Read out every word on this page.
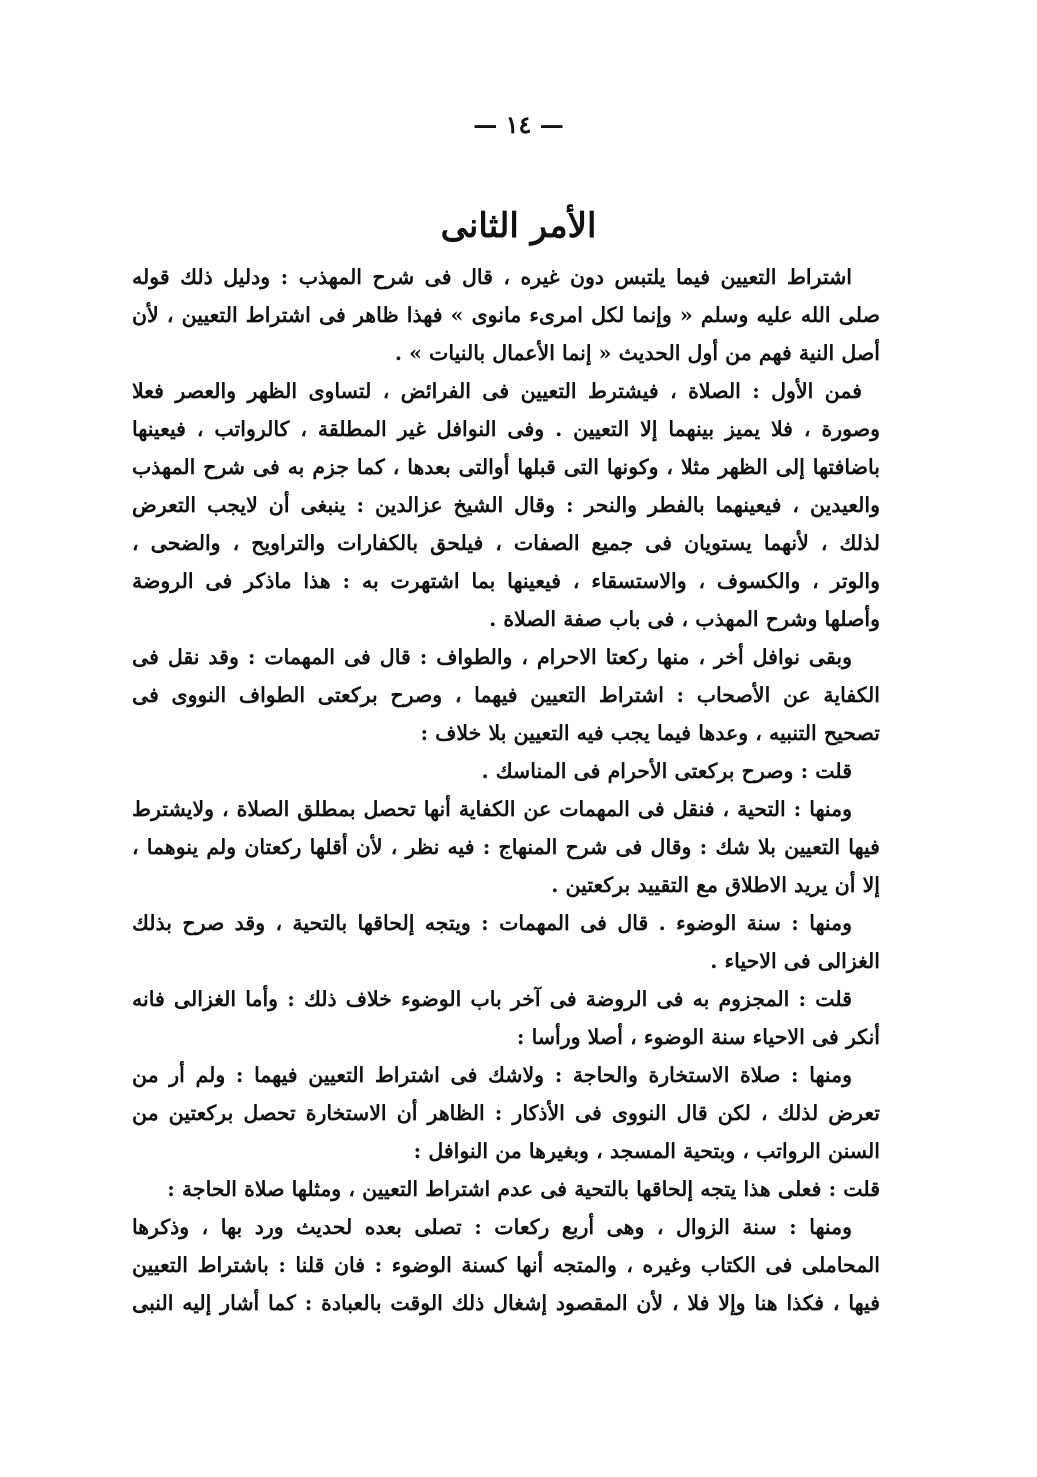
— ١٤ —
الأمر الثانى
اشتراط التعيين فيما يلتبس دون غيره ، قال فى شرح المهذب : ودليل ذلك قوله
صلى الله عليه وسلم « وإنما لكل امرىء مانوى » فهذا ظاهر فى اشتراط التعيين ، لأن
أصل النية فهم من أول الحديث « إنما الأعمال بالنيات » .
فمن الأول : الصلاة ، فيشترط التعيين فى الفرائض ، لتساوى الظهر والعصر فعلا
وصورة ، فلا يميز بينهما إلا التعيين . وفى النوافل غير المطلقة ، كالرواتب ، فيعينها
باضافتها إلى الظهر مثلا ، وكونها التى قبلها أوالتى بعدها ، كما جزم به فى شرح المهذب
والعيدين ، فيعينهما بالفطر والنحر : وقال الشيخ عزالدين : ينبغى أن لايجب التعرض
لذلك ، لأنهما يستويان فى جميع الصفات ، فيلحق بالكفارات والتراويح ، والضحى ،
والوتر ، والكسوف ، والاستسقاء ، فيعينها بما اشتهرت به : هذا ماذكر فى الروضة
وأصلها وشرح المهذب ، فى باب صفة الصلاة .
وبقى نوافل أخر ، منها ركعتا الاحرام ، والطواف : قال فى المهمات : وقد نقل فى
الكفاية عن الأصحاب : اشتراط التعيين فيهما ، وصرح بركعتى الطواف النووى فى
تصحيح التنبيه ، وعدها فيما يجب فيه التعيين بلا خلاف :
قلت : وصرح بركعتى الأحرام فى المناسك .
ومنها : التحية ، فنقل فى المهمات عن الكفاية أنها تحصل بمطلق الصلاة ، ولايشترط
فيها التعيين بلا شك : وقال فى شرح المنهاج : فيه نظر ، لأن أقلها ركعتان ولم ينوهما ،
إلا أن يريد الاطلاق مع التقييد بركعتين .
ومنها : سنة الوضوء . قال فى المهمات : ويتجه إلحاقها بالتحية ، وقد صرح بذلك
الغزالى فى الاحياء .
قلت : المجزوم به فى الروضة فى آخر باب الوضوء خلاف ذلك : وأما الغزالى فانه
أنكر فى الاحياء سنة الوضوء ، أصلا ورأسا :
ومنها : صلاة الاستخارة والحاجة : ولاشك فى اشتراط التعيين فيهما : ولم أر من
تعرض لذلك ، لكن قال النووى فى الأذكار : الظاهر أن الاستخارة تحصل بركعتين من
السنن الرواتب ، وبتحية المسجد ، وبغيرها من النوافل :
قلت : فعلى هذا يتجه إلحاقها بالتحية فى عدم اشتراط التعيين ، ومثلها صلاة الحاجة :
ومنها : سنة الزوال ، وهى أربع ركعات : تصلى بعده لحديث ورد بها ، وذكرها
المحاملى فى الكتاب وغيره ، والمتجه أنها كسنة الوضوء : فان قلنا : باشتراط التعيين
فيها ، فكذا هنا وإلا فلا ، لأن المقصود إشغال ذلك الوقت بالعبادة : كما أشار إليه النبى
